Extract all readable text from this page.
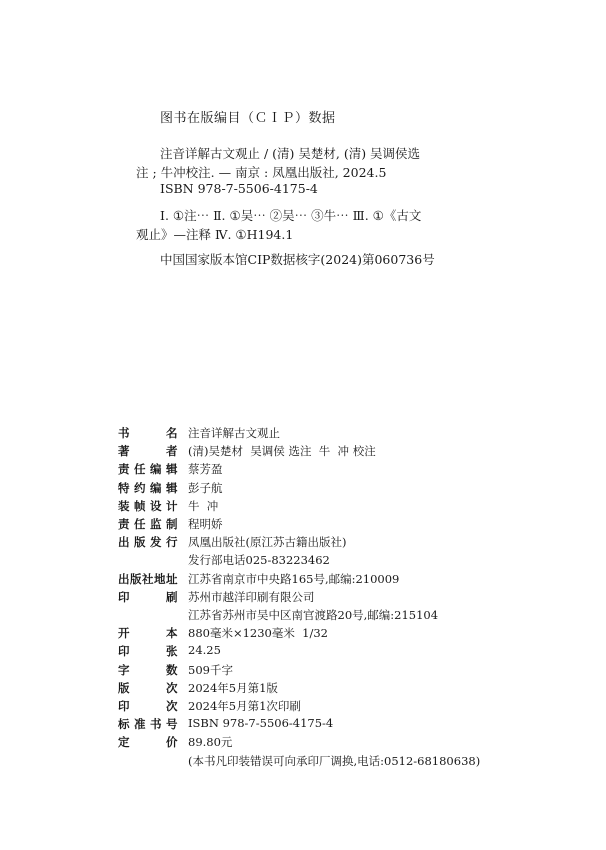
图书在版编目（ＣＩＰ）数据
注音详解古文观止 / (清) 吴楚材, (清) 吴调侯选
注 ; 牛冲校注. — 南京 : 凤凰出版社, 2024.5
ISBN 978-7-5506-4175-4
Ⅰ. ①注⋯ Ⅱ. ①吴⋯ ②吴⋯ ③牛⋯ Ⅲ. ①《古文
观止》—注释 Ⅳ. ①H194.1
中国国家版本馆CIP数据核字(2024)第060736号
书	名 注音详解古文观止
著	者 (清)吴楚材  吴调侯 选注  牛  冲 校注
责 任 编 辑 蔡芳盈
特 约 编 辑 彭子航
装 帧 设 计 牛  冲
责 任 监 制 程明娇
出 版 发 行 凤凰出版社(原江苏古籍出版社)
发行部电话025-83223462
出 版 社 地 址 江苏省南京市中央路165号,邮编:210009
印	刷 苏州市越洋印刷有限公司
江苏省苏州市吴中区南官渡路20号,邮编:215104
开	本 880毫米×1230毫米  1/32
印	张 24.25
字	数 509千字
版	次 2024年5月第1版
印	次 2024年5月第1次印刷
标 准 书 号 ISBN 978-7-5506-4175-4
定	价 89.80元
(本书凡印装错误可向承印厂调换,电话:0512-68180638)
